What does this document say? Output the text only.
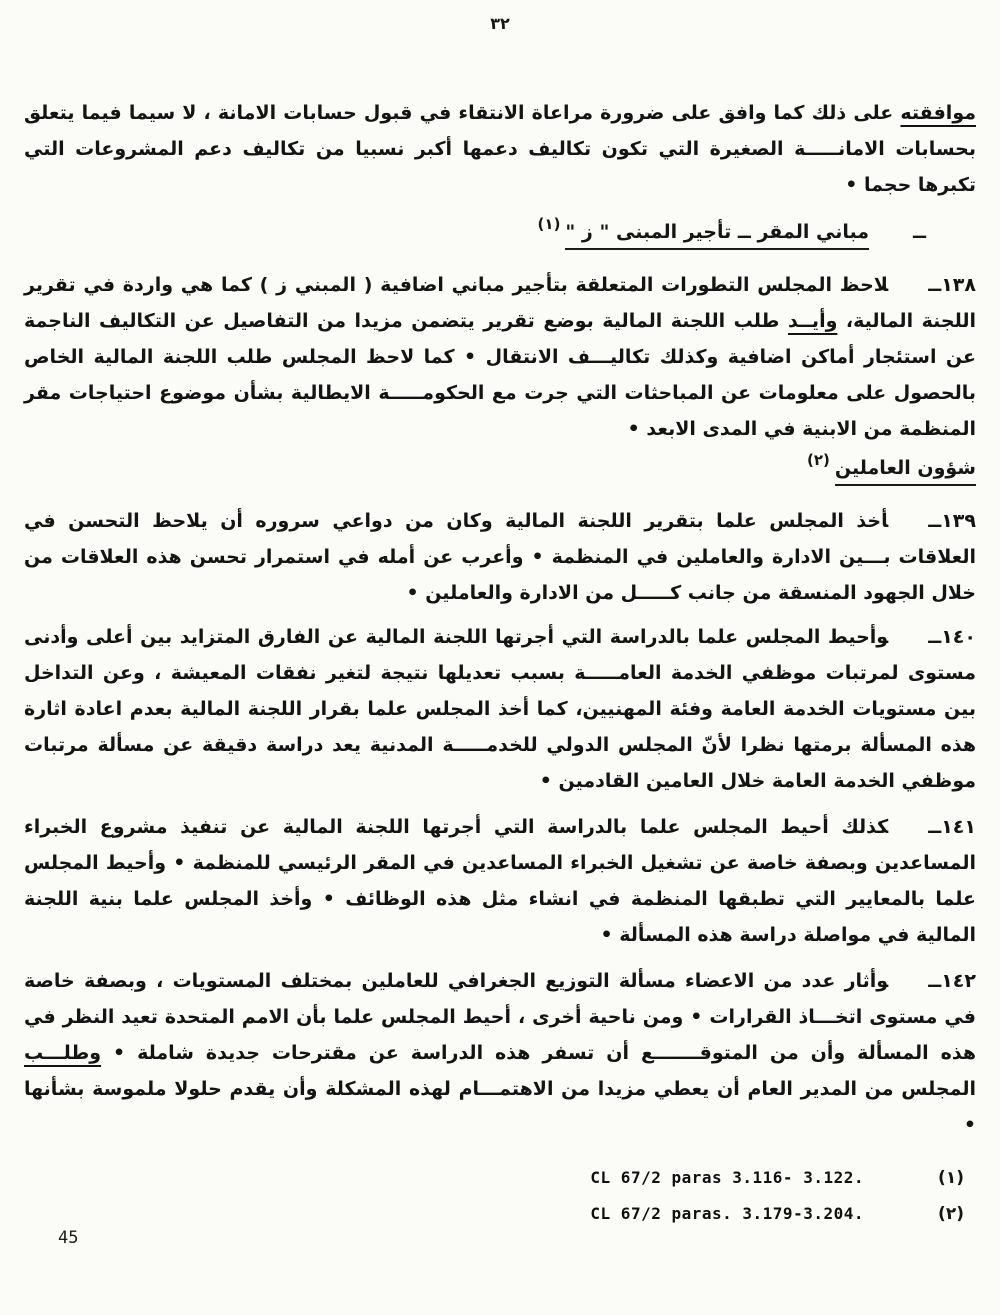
٣٢

موافقته على ذلك كما وافق على ضرورة مراعاة الانتقاء في قبول حسابات الامانة ، لا سيما فيما يتعلق بحسابات الامانـــــة الصغيرة التي تكون تكاليف دعمها أكبر نسبيا من تكاليف دعم المشروعات التي تكبرها حجما •

ــ
مباني المقر ــ تأجير المبنى " ز "$^{(١)}$

١٣٨ــلاحظ المجلس التطورات المتعلقة بتأجير مباني اضافية ( المبني ز ) كما هي واردة في تقرير اللجنة المالية، وأيــد طلب اللجنة المالية بوضع تقرير يتضمن مزيدا من التفاصيل عن التكاليف الناجمة عن استئجار أماكن اضافية وكذلك تكاليـــف الانتقال • كما لاحظ المجلس طلب اللجنة المالية الخاص بالحصول على معلومات عن المباحثات التي جرت مع الحكومـــــة الايطالية بشأن موضوع احتياجات مقر المنظمة من الابنية في المدى الابعد •

شؤون العاملين$^{(٢)}$

١٣٩ــأخذ المجلس علما بتقرير اللجنة المالية وكان من دواعي سروره أن يلاحظ التحسن في العلاقات بـــين الادارة والعاملين في المنظمة • وأعرب عن أمله في استمرار تحسن هذه العلاقات من خلال الجهود المنسقة من جانب كـــــل من الادارة والعاملين •

١٤٠ــوأحيط المجلس علما بالدراسة التي أجرتها اللجنة المالية عن الفارق المتزايد بين أعلى وأدنى مستوى لمرتبات موظفي الخدمة العامـــــة بسبب تعديلها نتيجة لتغير نفقات المعيشة ، وعن التداخل بين مستويات الخدمة العامة وفئة المهنيين، كما أخذ المجلس علما بقرار اللجنة المالية بعدم اعادة اثارة هذه المسألة برمتها نظرا لأنّ المجلس الدولي للخدمـــــة المدنية يعد دراسة دقيقة عن مسألة مرتبات موظفي الخدمة العامة خلال العامين القادمين •

١٤١ــكذلك أحيط المجلس علما بالدراسة التي أجرتها اللجنة المالية عن تنفيذ مشروع الخبراء المساعدين وبصفة خاصة عن تشغيل الخبراء المساعدين في المقر الرئيسي للمنظمة • وأحيط المجلس علما بالمعايير التي تطبقها المنظمة في انشاء مثل هذه الوظائف • وأخذ المجلس علما بنية اللجنة المالية في مواصلة دراسة هذه المسألة •

١٤٢ــوأثار عدد من الاعضاء مسألة التوزيع الجغرافي للعاملين بمختلف المستويات ، وبصفة خاصة في مستوى اتخـــاذ القرارات • ومن ناحية أخرى ، أحيط المجلس علما بأن الامم المتحدة تعيد النظر في هذه المسألة وأن من المتوقـــــــع أن تسفر هذه الدراسة عن مقترحات جديدة شاملة • وطلـــب المجلس من المدير العام أن يعطي مزيدا من الاهتمـــام لهذه المشكلة وأن يقدم حلولا ملموسة بشأنها •

(١)
CL 67/2 paras 3.116- 3.122.
(٢)
CL 67/2 paras. 3.179-3.204.
45
